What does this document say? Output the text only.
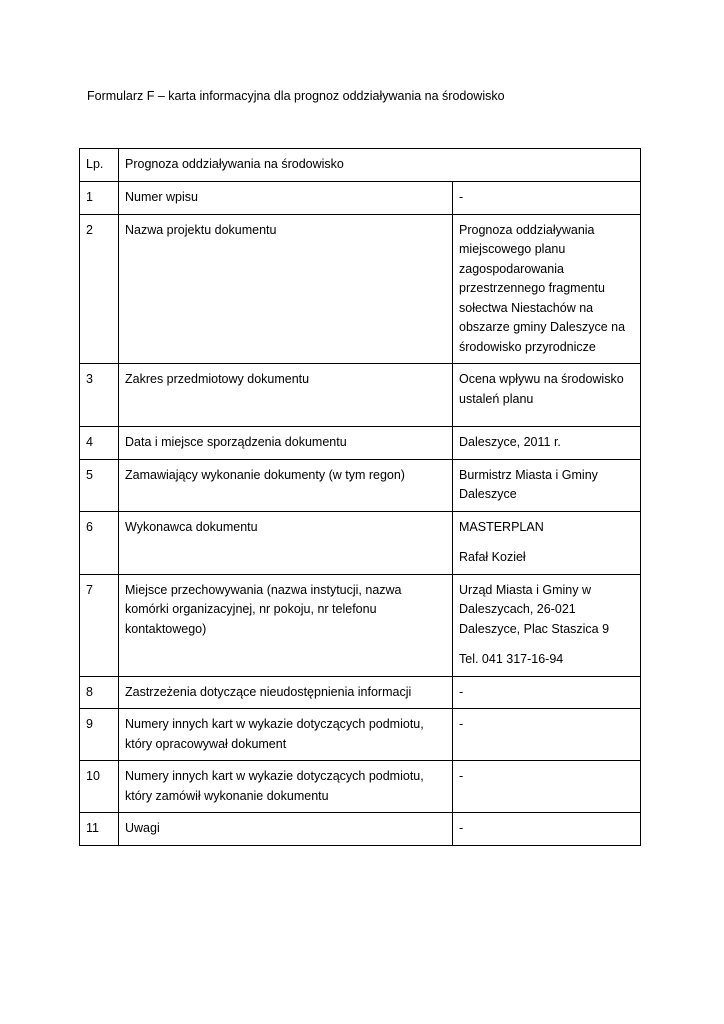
Formularz F – karta informacyjna dla prognoz oddziaływania na środowisko
Lp.	Prognoza oddziaływania na środowisko	
1	Numer wpisu	-

2	Nazwa projektu dokumentu	Prognoza oddziaływania miejscowego planu zagospodarowania przestrzennego fragmentu sołectwa Niestachów na obszarze gminy Daleszyce na środowisko przyrodnicze

3	Zakres przedmiotowy dokumentu	Ocena wpływu na środowisko ustaleń planu

4	Data i miejsce sporządzenia dokumentu	Daleszyce, 2011 r.

5	Zamawiający wykonanie dokumenty (w tym regon)	Burmistrz Miasta i Gminy Daleszyce

6	Wykonawca dokumentu	MASTERPLAN
Rafał Kozieł

7	Miejsce przechowywania (nazwa instytucji, nazwa komórki organizacyjnej, nr pokoju, nr telefonu kontaktowego)	Urząd Miasta i Gminy w Daleszycach, 26-021 Daleszyce, Plac Staszica 9
Tel. 041 317-16-94

8	Zastrzeżenia dotyczące nieudostępnienia informacji	-

9	Numery innych kart w wykazie dotyczących podmiotu, który opracowywał dokument	-

10	Numery innych kart w wykazie dotyczących podmiotu, który zamówił wykonanie dokumentu	-

11	Uwagi	-
